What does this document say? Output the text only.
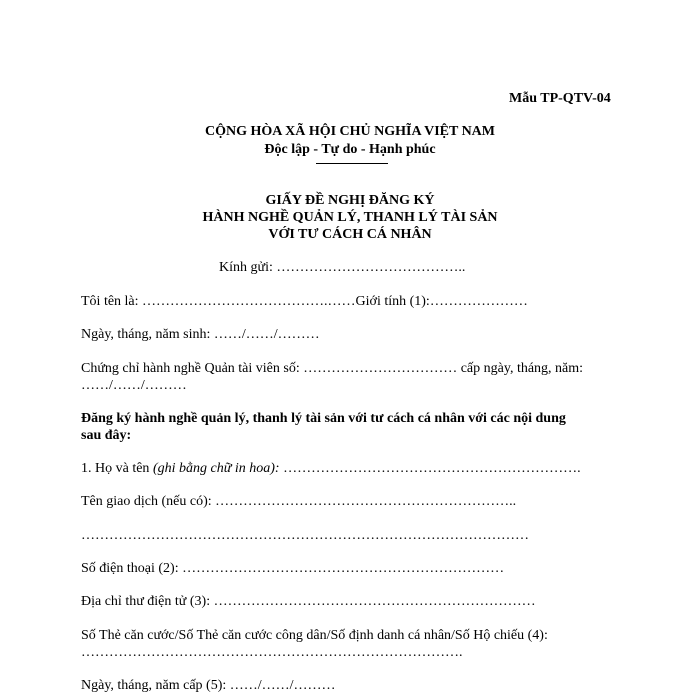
Mẫu TP-QTV-04
CỘNG HÒA XÃ HỘI CHỦ NGHĨA VIỆT NAM
Độc lập - Tự do - Hạnh phúc
GIẤY ĐỀ NGHỊ ĐĂNG KÝ
HÀNH NGHỀ QUẢN LÝ, THANH LÝ TÀI SẢN
VỚI TƯ CÁCH CÁ NHÂN
Kính gửi: …………………………………..
Tôi tên là: ………………………………….……Giới tính (1):…………………
Ngày, tháng, năm sinh: ……/……/………
Chứng chỉ hành nghề Quản tài viên số: …………………………… cấp ngày, tháng, năm:
……/……/………
Đăng ký hành nghề quản lý, thanh lý tài sản với tư cách cá nhân với các nội dung
sau đây:
1. Họ và tên (ghi bằng chữ in hoa): ……………………………………………………….
Tên giao dịch (nếu có): ………………………………………………………..
……………………………………………………………………………………
Số điện thoại (2): ……………………………………………………………
Địa chỉ thư điện tử (3): ……………………………………………………………
Số Thẻ căn cước/Số Thẻ căn cước công dân/Số định danh cá nhân/Số Hộ chiếu (4):
……………………………………………………………………….
Ngày, tháng, năm cấp (5): ……/……/………
